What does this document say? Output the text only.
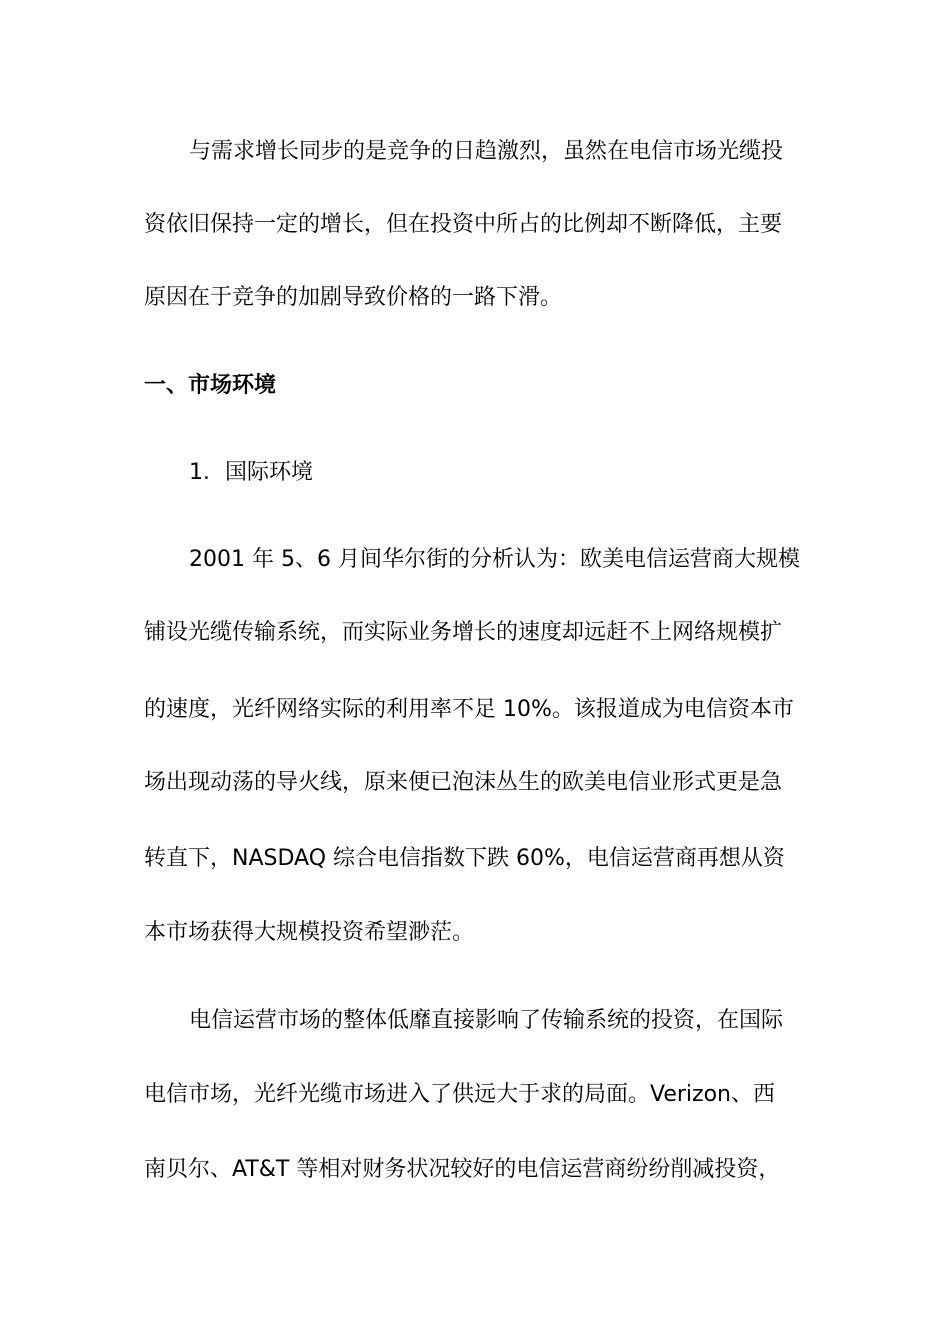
与需求增长同步的是竞争的日趋激烈，虽然在电信市场光缆投
资依旧保持一定的增长，但在投资中所占的比例却不断降低，主要
原因在于竞争的加剧导致价格的一路下滑。
一、市场环境
1．国际环境
2001 年 5、6 月间华尔街的分析认为：欧美电信运营商大规模
铺设光缆传输系统，而实际业务增长的速度却远赶不上网络规模扩
的速度，光纤网络实际的利用率不足 10%。该报道成为电信资本市
场出现动荡的导火线，原来便已泡沫丛生的欧美电信业形式更是急
转直下，NASDAQ 综合电信指数下跌 60%，电信运营商再想从资
本市场获得大规模投资希望渺茫。
电信运营市场的整体低靡直接影响了传输系统的投资，在国际
电信市场，光纤光缆市场进入了供远大于求的局面。Verizon、西
南贝尔、AT&T 等相对财务状况较好的电信运营商纷纷削减投资，
